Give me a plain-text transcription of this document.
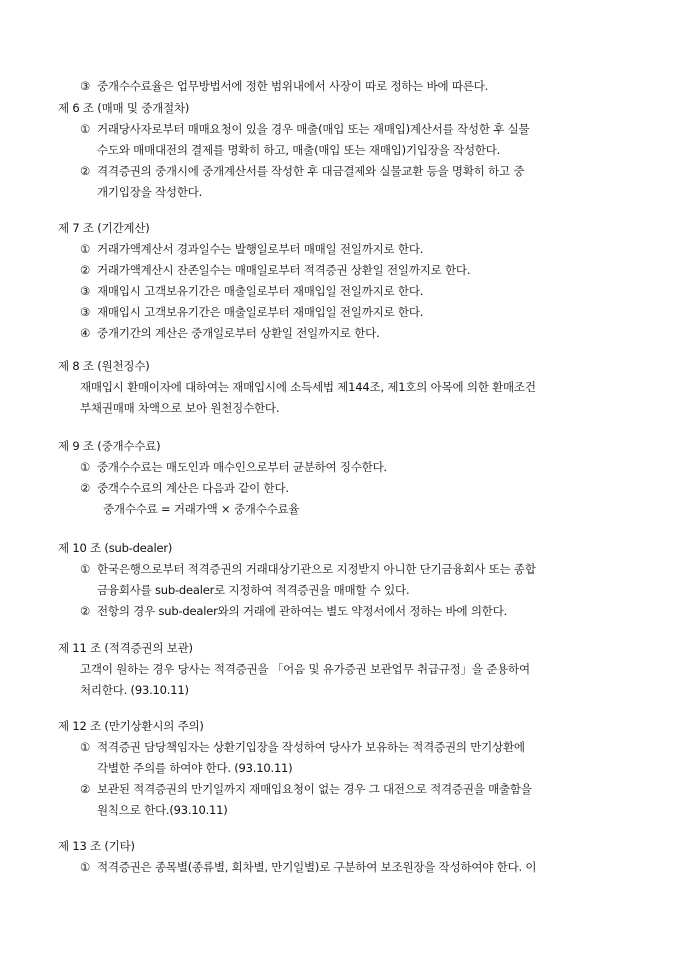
③ 중개수수료율은 업무방법서에 정한 범위내에서 사장이 따로 정하는 바에 따른다.
제 6 조 (매매 및 중개절차)
① 거래당사자로부터 매매요청이 있을 경우 매출(매입 또는 재매입)계산서를 작성한 후 실물
수도와 매매대전의 결제를 명확히 하고, 매출(매입 또는 재매입)기입장을 작성한다.
② 격격증권의 중개시에 중개계산서를 작성한 후 대금결제와 실물교환 등을 명확히 하고 중
개기입장을 작성한다.
제 7 조 (기간계산)
① 거래가액계산서 경과일수는 발행일로부터 매매일 전일까지로 한다.
② 거래가액계산시 잔존일수는 매매일로부터 적격증권 상환일 전일까지로 한다.
③ 재매입시 고객보유기간은 매출일로부터 재매입일 전일까지로 한다.
③ 재매입시 고객보유기간은 매출일로부터 재매입일 전일까지로 한다.
④ 중개기간의 계산은 중개일로부터 상환일 전일까지로 한다.
제 8 조 (원천징수)
재매입시 환매이자에 대하여는 재매입시에 소득세법 제144조, 제1호의 아목에 의한 환매조건
부채권매매 차액으로 보아 원천징수한다.
제 9 조 (중개수수료)
① 중개수수료는 매도인과 매수인으로부터 균분하여 징수한다.
② 중객수수료의 계산은 다음과 같이 한다.
중개수수료 = 거래가액 × 중개수수료율
제 10 조 (sub-dealer)
① 한국은행으로부터 적격증권의 거래대상기관으로 지정받지 아니한 단기금융회사 또는 종합
금융회사를 sub-dealer로 지정하여 적격증권을 매매할 수 있다.
② 전항의 경우 sub-dealer와의 거래에 관하여는 별도 약정서에서 정하는 바에 의한다.
제 11 조 (적격증권의 보관)
고객이 원하는 경우 당사는 적격증권을 「어음 및 유가증권 보관업무 취급규정」을 준용하여
처리한다. (93.10.11)
제 12 조 (만기상환시의 주의)
① 적격증권 담당책임자는 상환기입장을 작성하여 당사가 보유하는 적격증권의 만기상환에
각별한 주의를 하여야 한다. (93.10.11)
② 보관된 적격증권의 만기일까지 재매입요청이 없는 경우 그 대전으로 적격증권을 매출함을
원칙으로 한다.(93.10.11)
제 13 조 (기타)
① 적격증권은 종목별(종류별, 회차별, 만기일별)로 구분하여 보조원장을 작성하여야 한다. 이
